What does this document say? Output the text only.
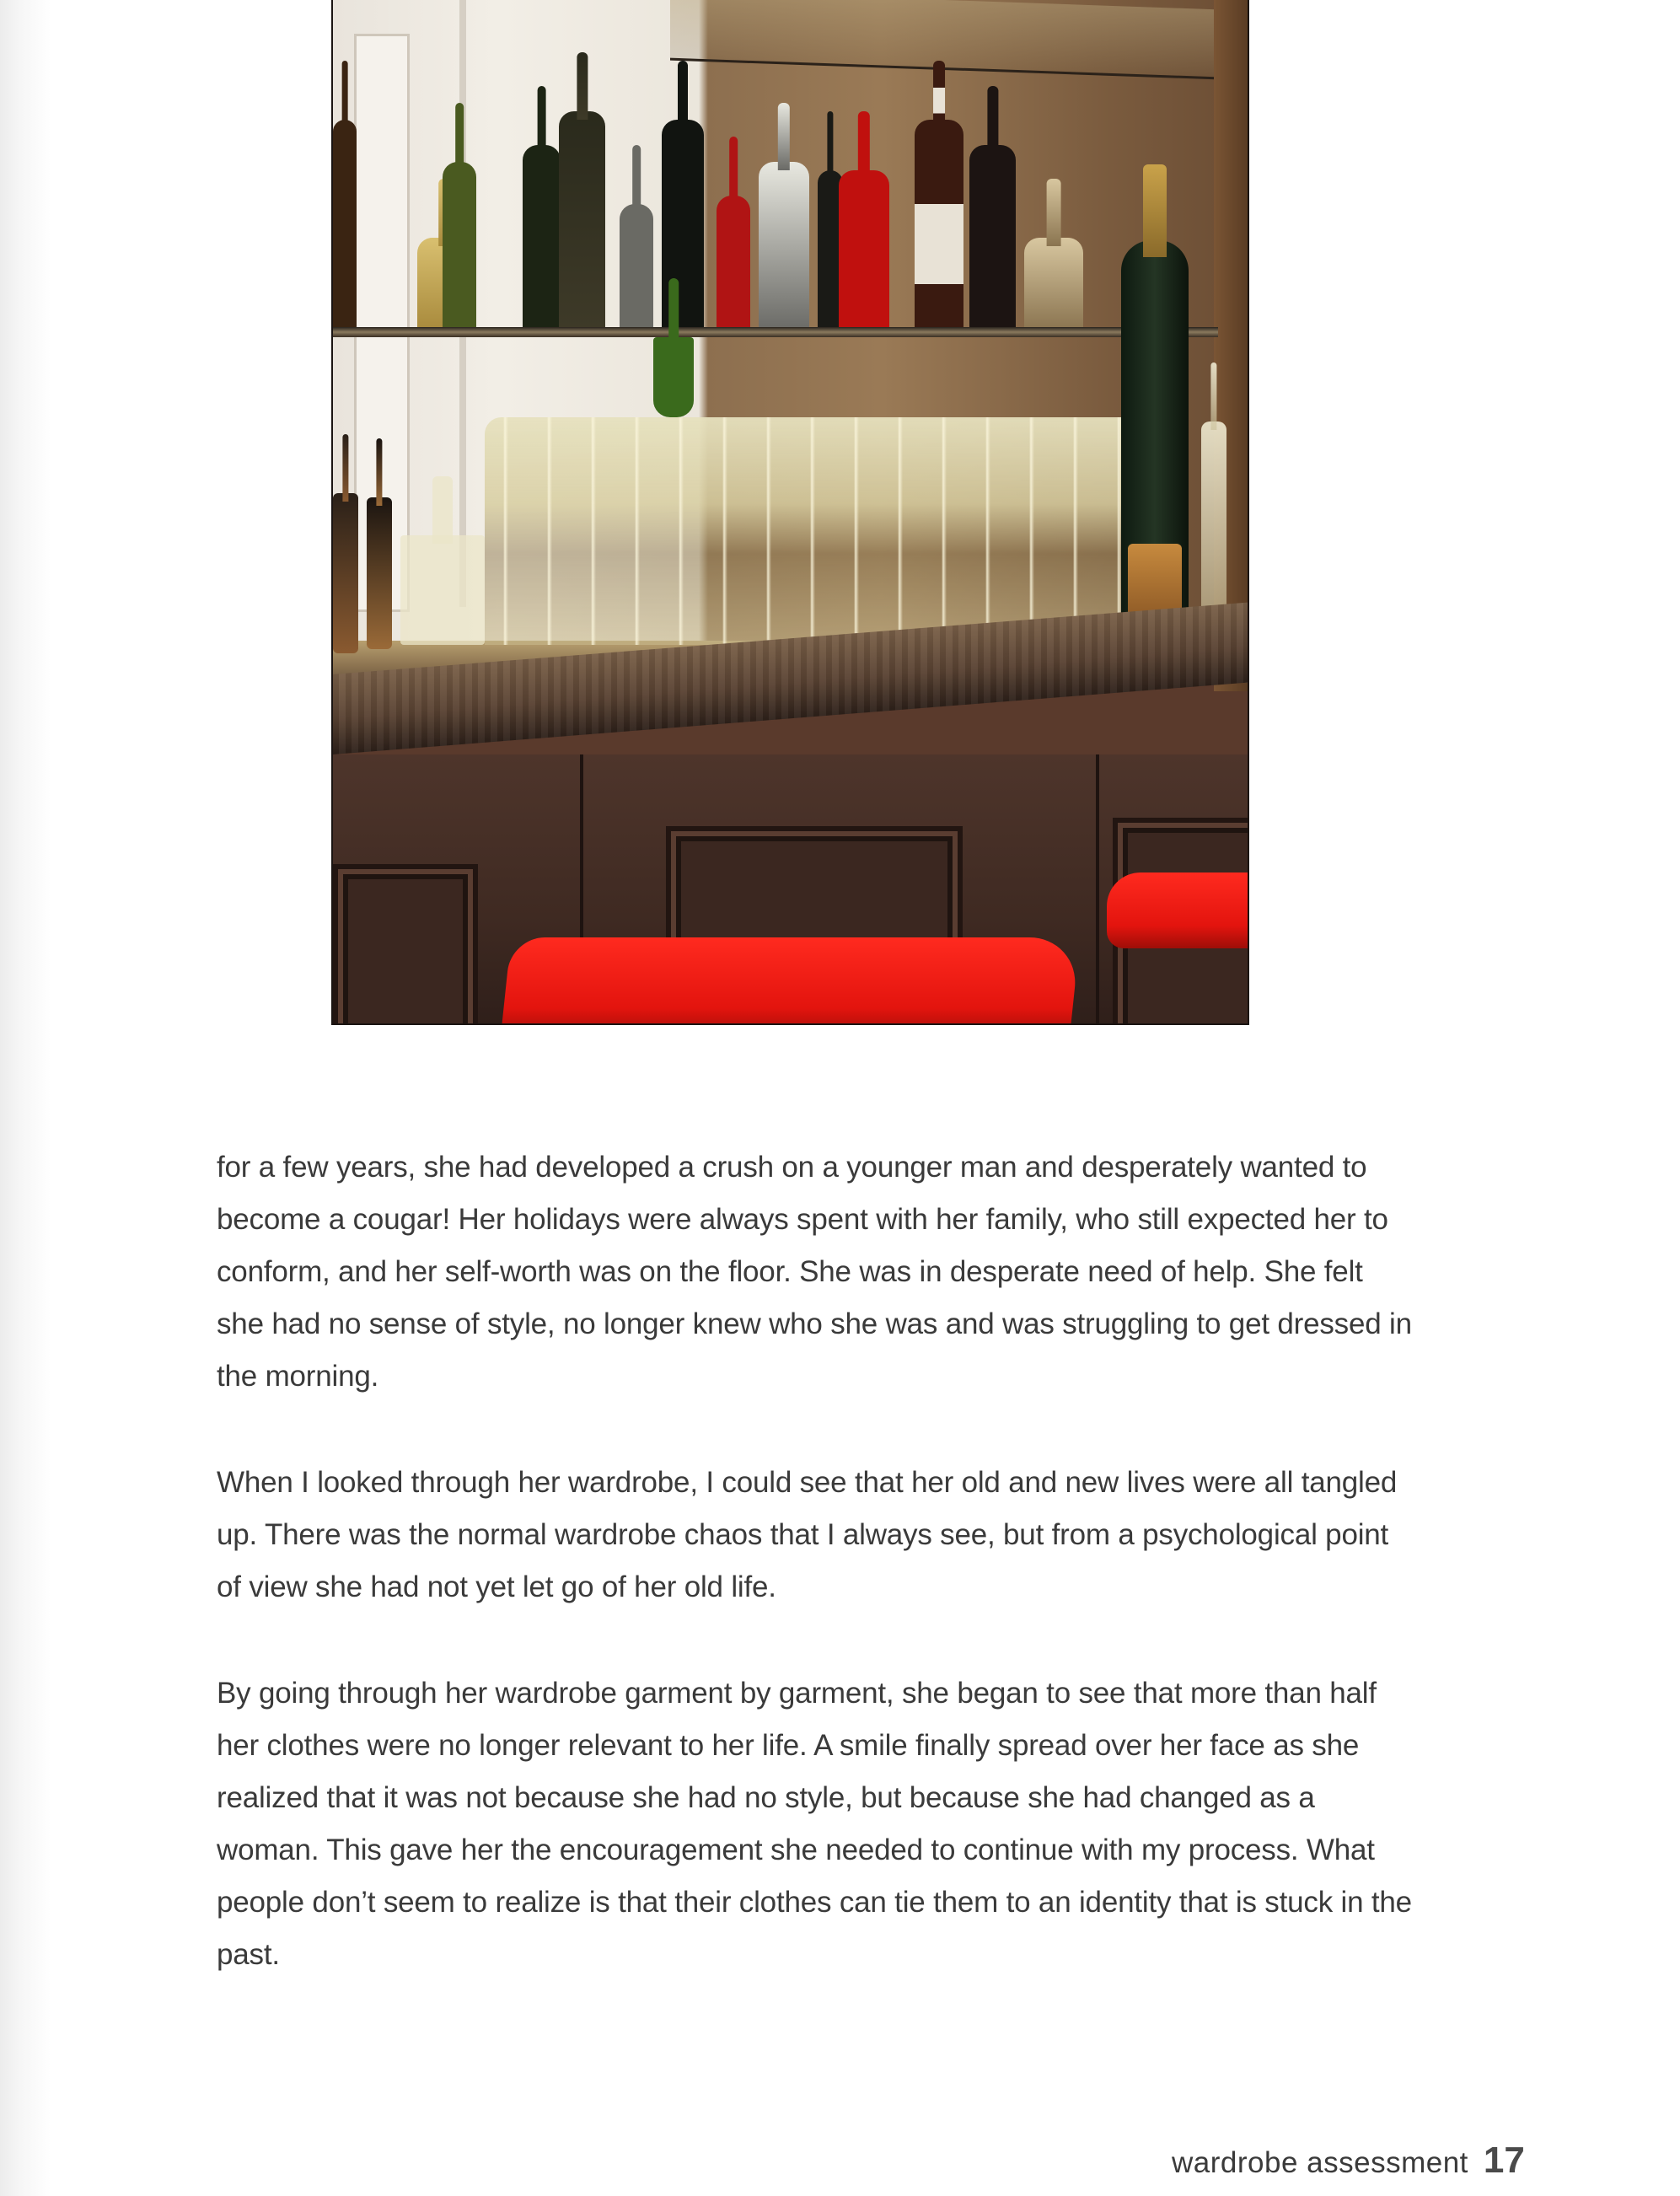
for a few years, she had developed a crush on a younger man and desperately wanted to become a cougar! Her holidays were always spent with her family, who still expected her to conform, and her self-worth was on the floor. She was in desperate need of help. She felt she had no sense of style, no longer knew who she was and was struggling to get dressed in the morning.

When I looked through her wardrobe, I could see that her old and new lives were all tangled up. There was the normal wardrobe chaos that I always see, but from a psychological point of view she had not yet let go of her old life.

By going through her wardrobe garment by garment, she began to see that more than half her clothes were no longer relevant to her life. A smile finally spread over her face as she realized that it was not because she had no style, but because she had changed as a woman. This gave her the encouragement she needed to continue with my process. What people don’t seem to realize is that their clothes can tie them to an identity that is stuck in the past.

wardrobe assessment 17
